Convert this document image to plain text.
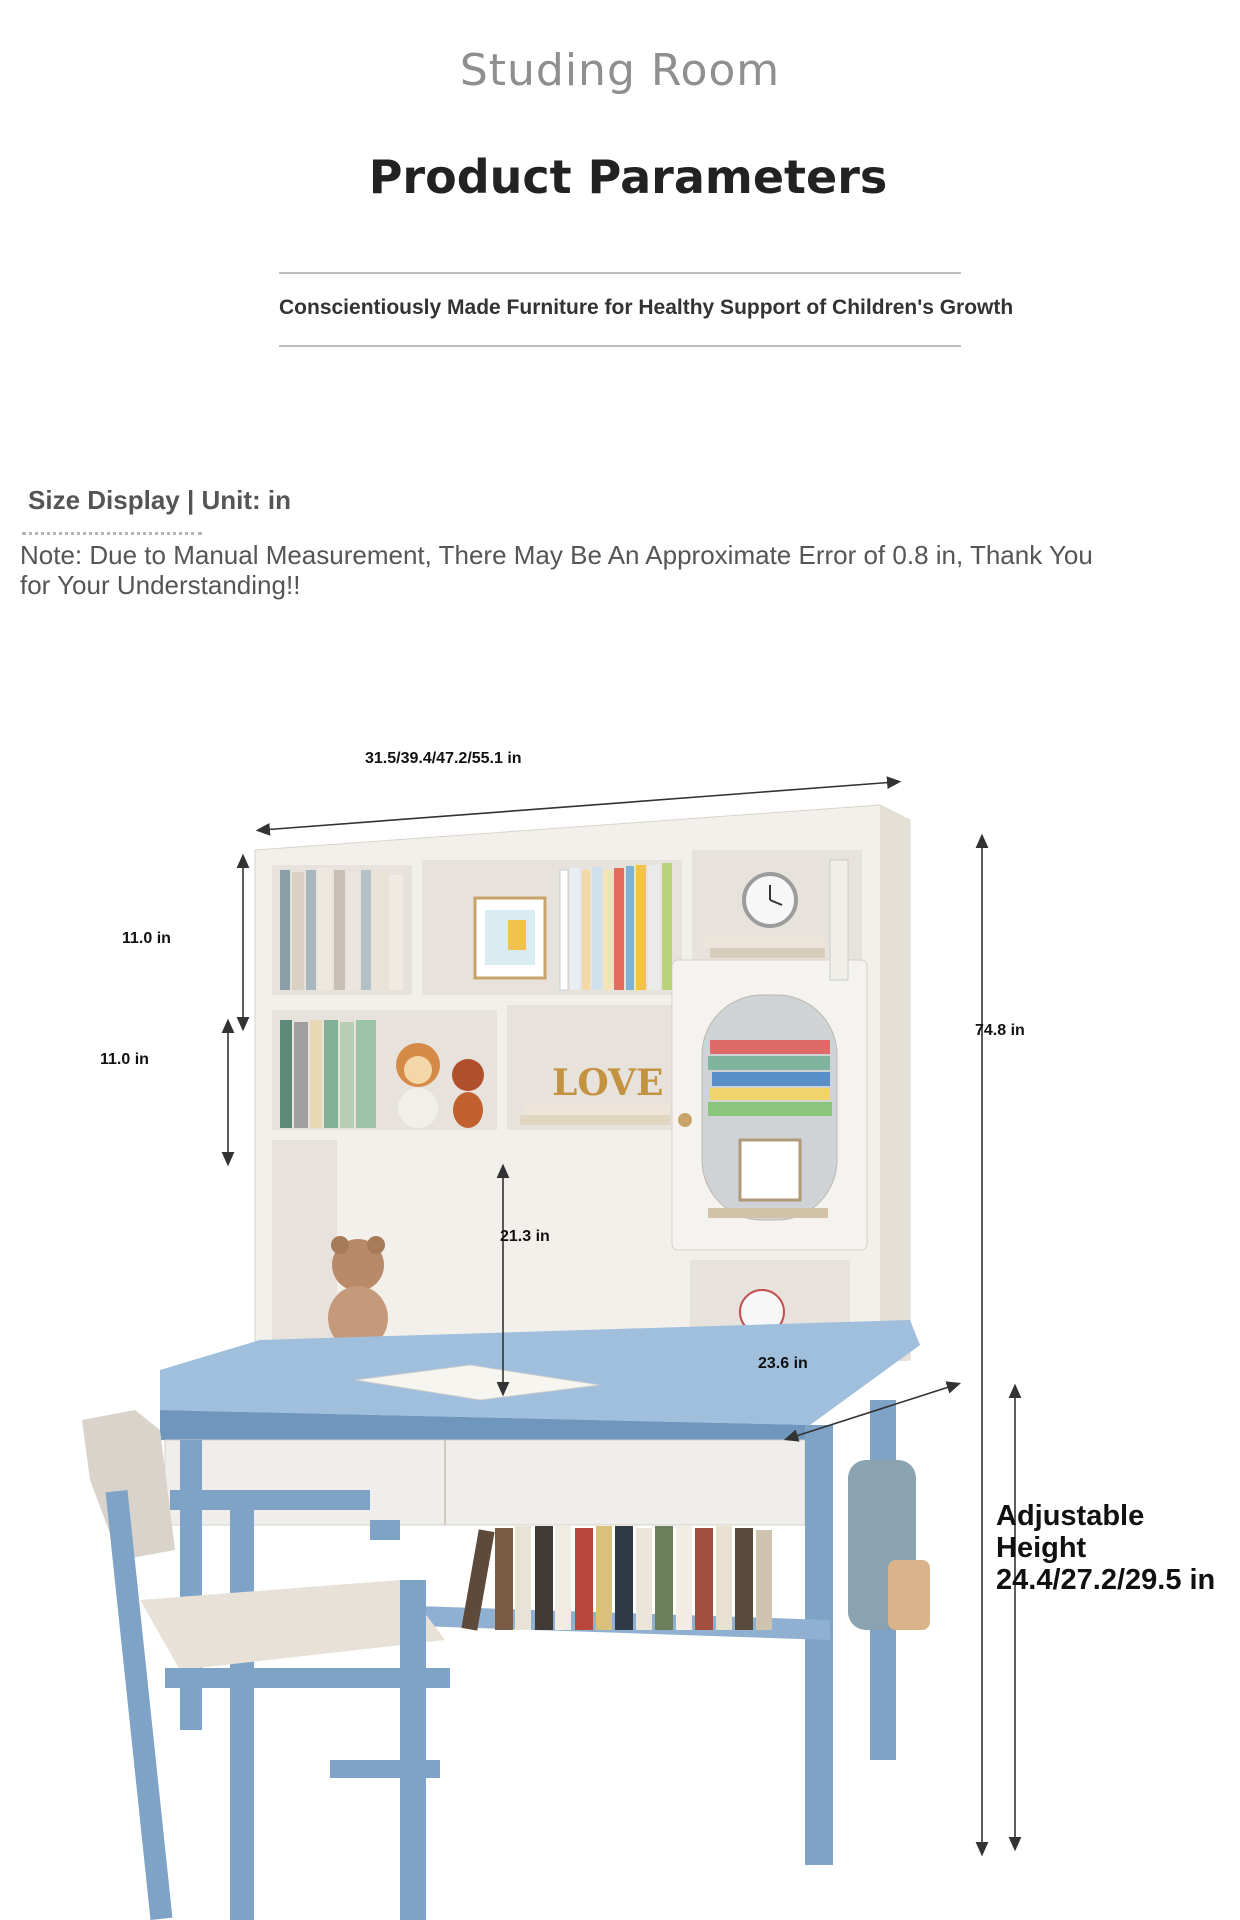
Studing Room
Product Parameters
Conscientiously Made Furniture for Healthy Support of Children's Growth
Size Display | Unit: in
Note: Due to Manual Measurement, There May Be An Approximate Error of 0.8 in, Thank You for Your Understanding!!
LOVE
31.5/39.4/47.2/55.1 in
11.0 in
11.0 in
21.3 in
74.8 in
23.6 in
Adjustable Height 24.4/27.2/29.5 in
